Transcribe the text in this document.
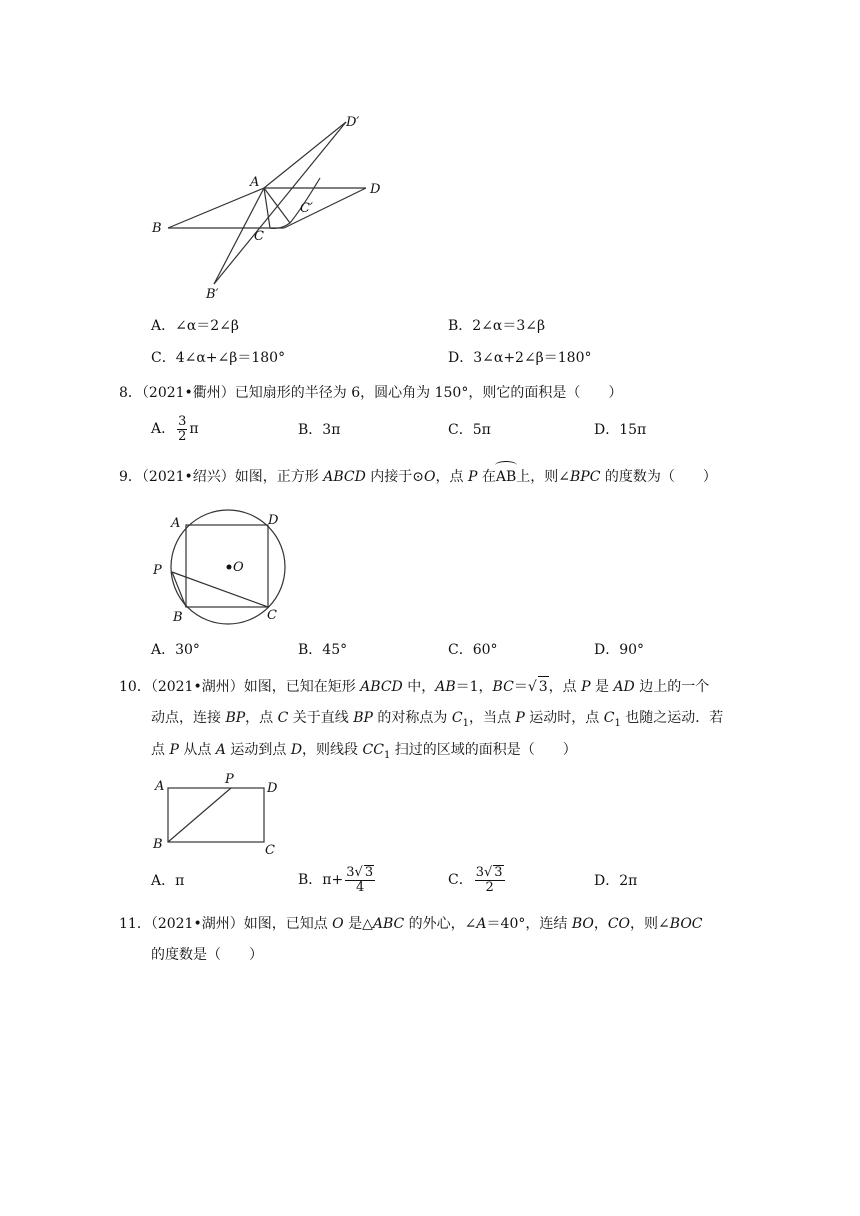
D′
A	D
C′
B
C
B′
A．∠α＝2∠β	B．2∠α＝3∠β
C．4∠α+∠β＝180°	D．3∠α+2∠β＝180°
8．（2021•衢州）已知扇形的半径为 6，圆心角为 150°，则它的面积是（　　）
A． $\frac{3}{2}$ π	B．3π	C．5π	D．15π
9．（2021•绍兴）如图，正方形 ABCD 内接于⊙O，点 P 在AB上，则∠BPC 的度数为（　　）
A	D
O
P
B	C
A．30°	B．45°	C．60°	D．90°
10．（2021•湖州）如图，已知在矩形 ABCD 中，AB＝1，BC＝√ 3，点 P 是 AD 边上的一个
动点，连接 BP，点 C 关于直线 BP 的对称点为 $C_1$，当点 P 运动时，点 $C_1$ 也随之运动．若
点 P 从点 A 运动到点 D，则线段 $CC_1$ 扫过的区域的面积是（　　）
A	P
D
B	C
A．π	B．$\pi+ \frac{3√ 3}{4}$	C． $\frac{3√ 3}{2}$	D．2π
11．（2021•湖州）如图，已知点 O 是△ABC 的外心，∠A＝40°，连结 BO，CO，则∠BOC
的度数是（　　）
